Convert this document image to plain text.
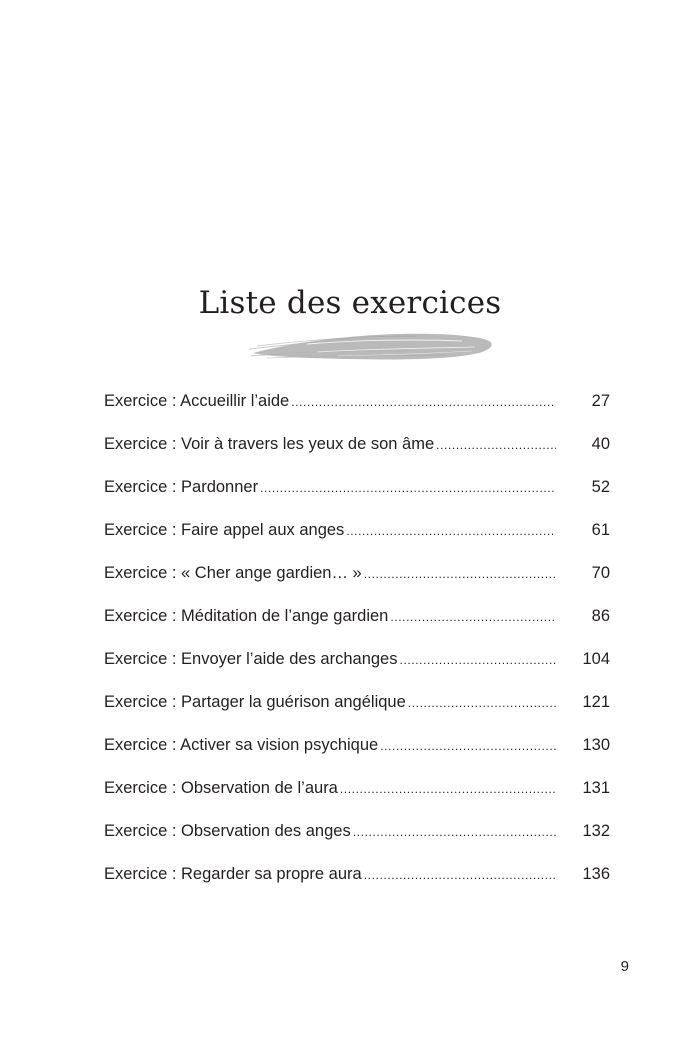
Liste des exercices
Exercice : Accueillir l’aide .....	27
Exercice : Voir à travers les yeux de son âme .....	40
Exercice : Pardonner .....	52
Exercice : Faire appel aux anges .....	61
Exercice : « Cher ange gardien… » .....	70
Exercice : Méditation de l’ange gardien .....	86
Exercice : Envoyer l’aide des archanges .....	104
Exercice : Partager la guérison angélique .....	121
Exercice : Activer sa vision psychique .....	130
Exercice : Observation de l’aura .....	131
Exercice : Observation des anges .....	132
Exercice : Regarder sa propre aura .....	136
9
